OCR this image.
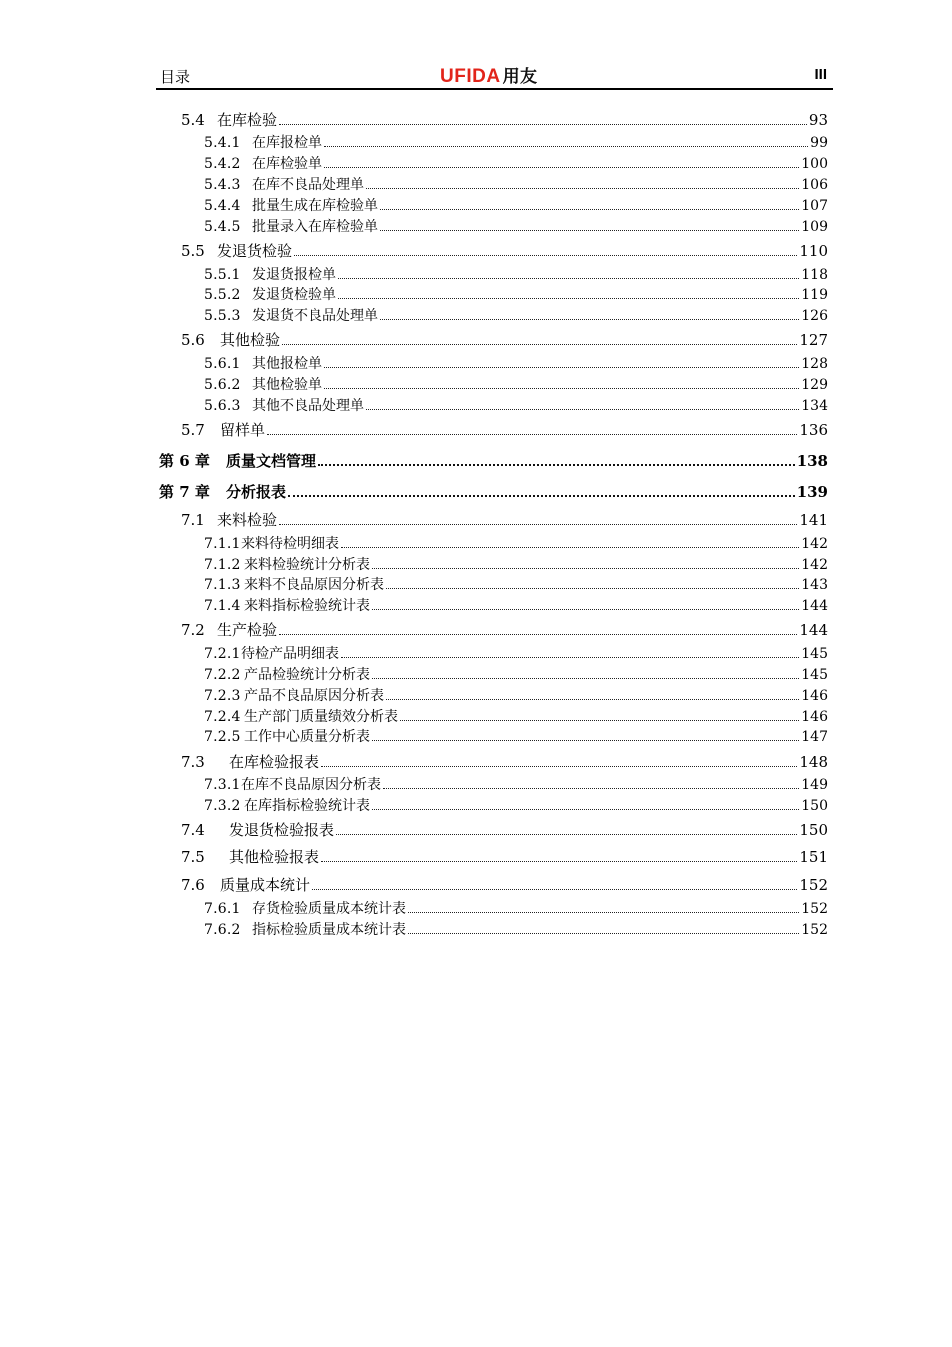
目录	UFIDA 用友	III
5.4 在库检验	93
5.4.1 在库报检单	99
5.4.2 在库检验单	100
5.4.3 在库不良品处理单	106
5.4.4 批量生成在库检验单	107
5.4.5 批量录入在库检验单	109
5.5 发退货检验	110
5.5.1 发退货报检单	118
5.5.2 发退货检验单	119
5.5.3 发退货不良品处理单	126
5.6	其他检验	127
5.6.1 其他报检单	128
5.6.2 其他检验单	129
5.6.3 其他不良品处理单	134
5.7	留样单	136
第 6 章	质量文档管理	138
第 7 章	分析报表	139
7.1 来料检验	141
7.1.1 来料待检明细表	142
7.1.2 来料检验统计分析表	142
7.1.3 来料不良品原因分析表	143
7.1.4 来料指标检验统计表	144
7.2 生产检验	144
7.2.1 待检产品明细表	145
7.2.2 产品检验统计分析表	145
7.2.3 产品不良品原因分析表	146
7.2.4 生产部门质量绩效分析表	146
7.2.5 工作中心质量分析表	147
7.3	在库检验报表	148
7.3.1 在库不良品原因分析表	149
7.3.2 在库指标检验统计表	150
7.4	发退货检验报表	150
7.5	其他检验报表	151
7.6	质量成本统计	152
7.6.1 存货检验质量成本统计表	152
7.6.2 指标检验质量成本统计表	152
